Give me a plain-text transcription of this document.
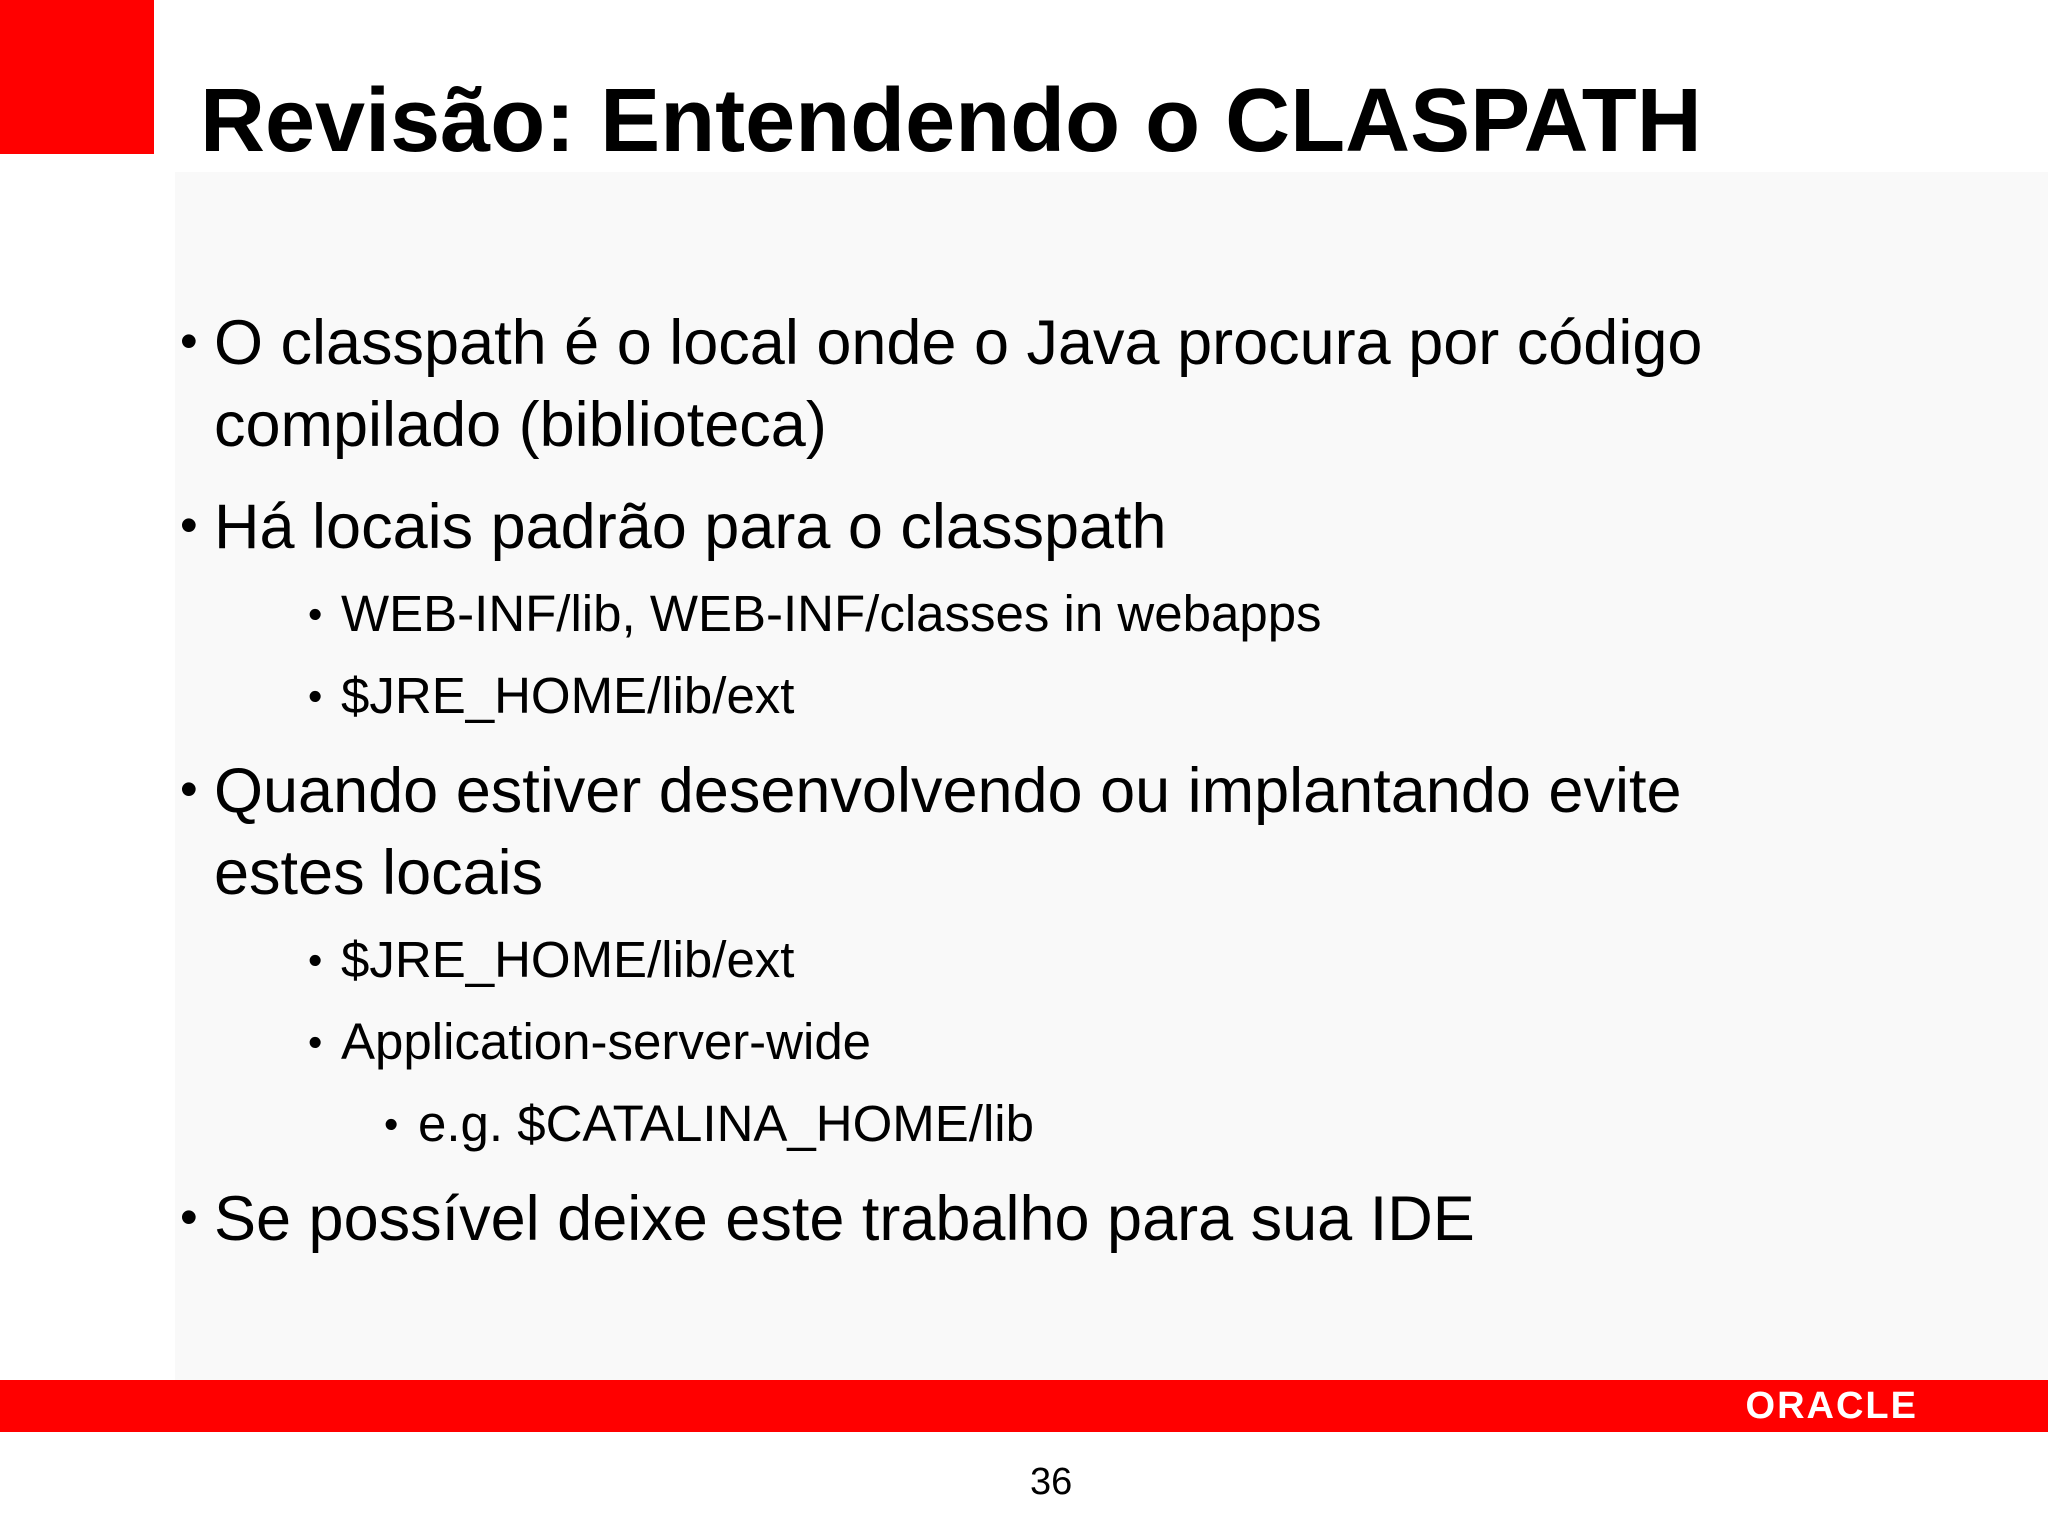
Revisão: Entendendo o CLASPATH
• O classpath é o local onde o Java procura por código
compilado (biblioteca)
• Há locais padrão para o classpath
• WEB-INF/lib, WEB-INF/classes in webapps
• $JRE_HOME/lib/ext
• Quando estiver desenvolvendo ou implantando evite
estes locais
• $JRE_HOME/lib/ext
• Application-server-wide
• e.g. $CATALINA_HOME/lib
• Se possível deixe este trabalho para sua IDE
ORACLE
36
